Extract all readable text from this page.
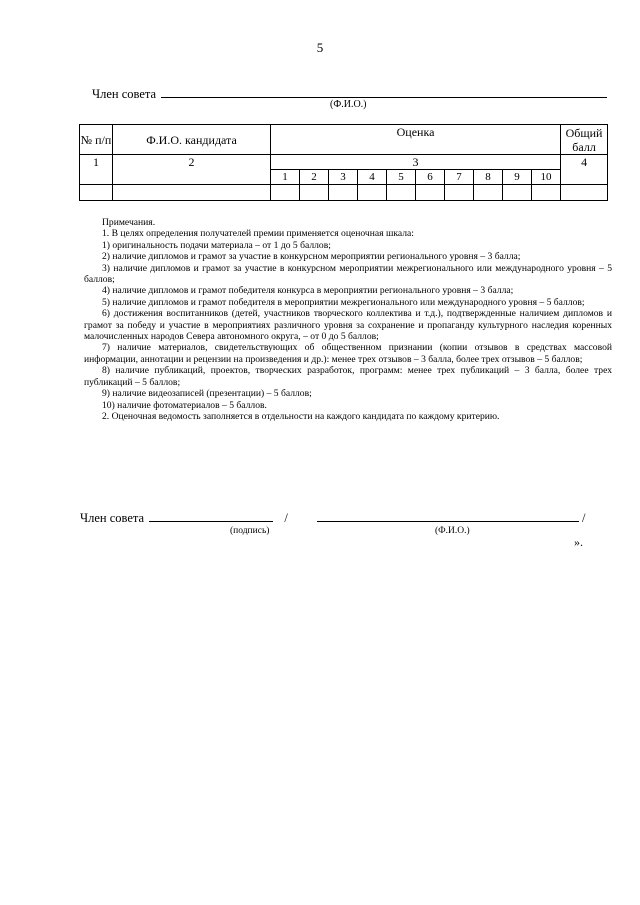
5
Член совета
(Ф.И.О.)
№ п/п	Ф.И.О. кандидата	Оценка										Общий балл
1	2	3										4
		1	2	3	4	5	6	7	8	9	10	

Примечания.

1. В целях определения получателей премии применяется оценочная шкала:

1) оригинальность подачи материала – от 1 до 5 баллов;

2) наличие дипломов и грамот за участие в конкурсном мероприятии регионального уровня – 3 балла;

3) наличие дипломов и грамот за участие в конкурсном мероприятии межрегионального или международного уровня – 5 баллов;

4) наличие дипломов и грамот победителя конкурса в мероприятии регионального уровня – 3 балла;

5) наличие дипломов и грамот победителя в мероприятии межрегионального или международного уровня – 5 баллов;

6) достижения воспитанников (детей, участников творческого коллектива и т.д.), подтвержденные наличием дипломов и грамот за победу и участие в мероприятиях различного уровня за сохранение и пропаганду культурного наследия коренных малочисленных народов Севера автономного округа, – от 0 до 5 баллов;

7) наличие материалов, свидетельствующих об общественном признании (копии отзывов в средствах массовой информации, аннотации и рецензии на произведения и др.): менее трех отзывов – 3 балла, более трех отзывов – 5 баллов;

8) наличие публикаций, проектов, творческих разработок, программ: менее трех публикаций – 3 балла, более трех публикаций – 5 баллов;

9) наличие видеозаписей (презентации) – 5 баллов;

10) наличие фотоматериалов – 5 баллов.

2. Оценочная ведомость заполняется в отдельности на каждого кандидата по каждому критерию.

Член совета	/	/
(подпись)	(Ф.И.О.)
».
